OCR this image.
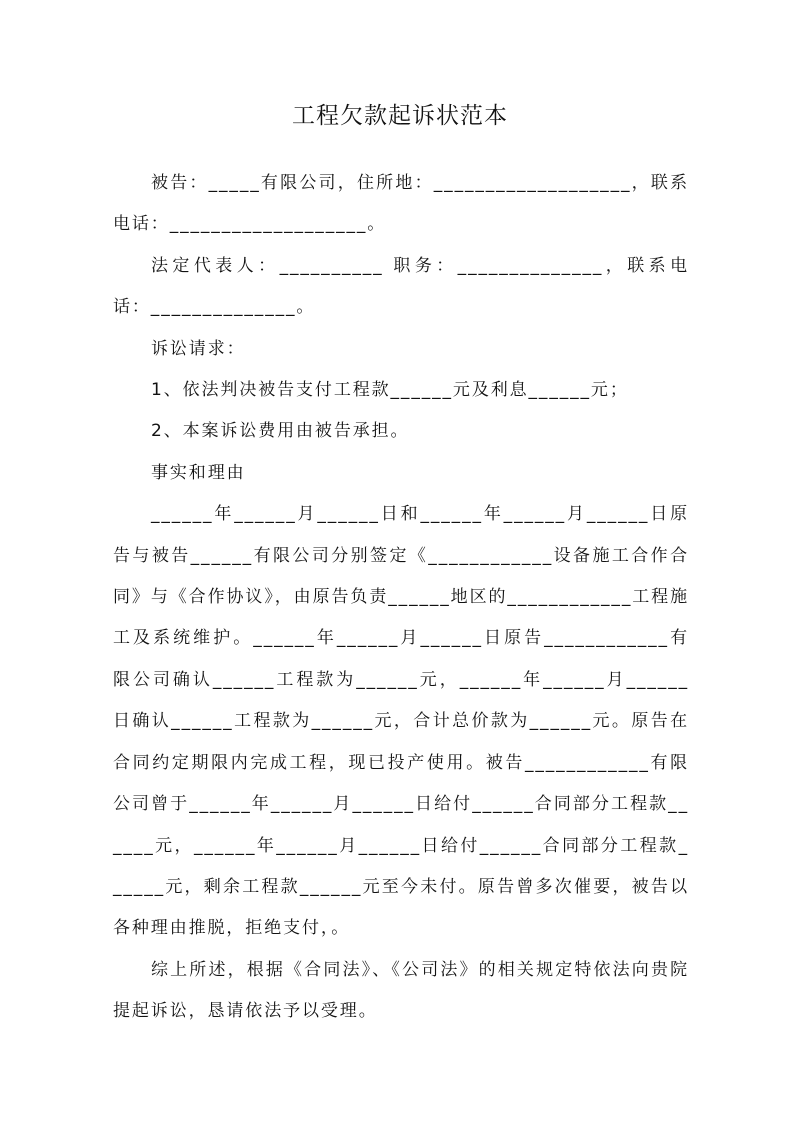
工程欠款起诉状范本

被告：_____有限公司，住所地：___________________，联系电话：___________________。

法定代表人：__________ 职务：______________，联系电话：______________。

诉讼请求：

1、依法判决被告支付工程款______元及利息______元；

2、本案诉讼费用由被告承担。

事实和理由

______年______月______日和______年______月______日原告与被告______有限公司分别签定《____________设备施工合作合同》与《合作协议》，由原告负责______地区的____________工程施工及系统维护。______年______月______日原告____________有限公司确认______工程款为______元，______年______月______日确认______工程款为______元，合计总价款为______元。原告在合同约定期限内完成工程，现已投产使用。被告____________有限公司曾于______年______月______日给付______合同部分工程款______元，______年______月______日给付______合同部分工程款______元，剩余工程款______元至今未付。原告曾多次催要，被告以各种理由推脱，拒绝支付，。

综上所述，根据《合同法》、《公司法》的相关规定特依法向贵院提起诉讼，恳请依法予以受理。
